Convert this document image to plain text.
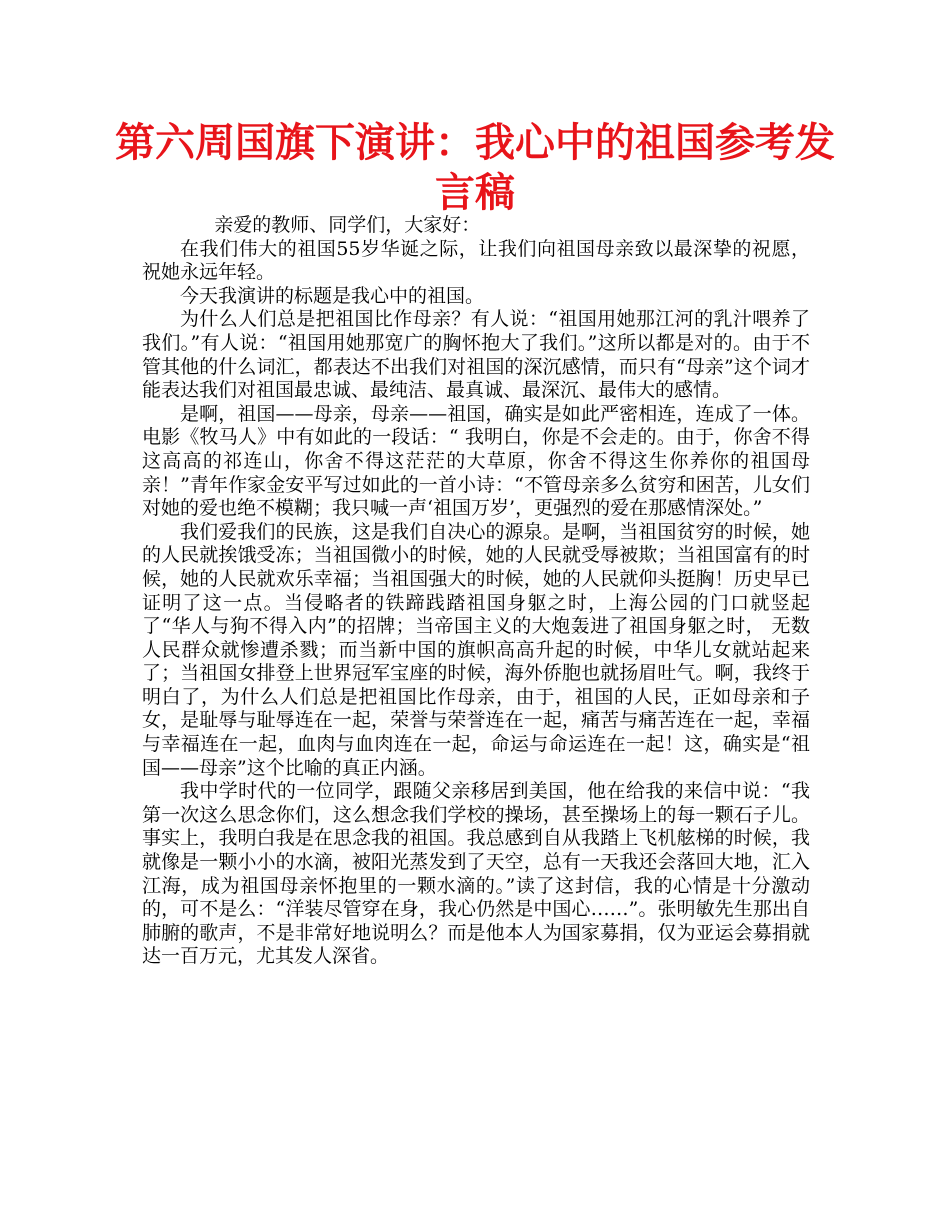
第六周国旗下演讲：我心中的祖国参考发言稿

亲爱的教师、同学们，大家好：

在我们伟大的祖国55岁华诞之际，让我们向祖国母亲致以最深挚的祝愿，祝她永远年轻。

今天我演讲的标题是我心中的祖国。

为什么人们总是把祖国比作母亲？有人说：“祖国用她那江河的乳汁喂养了我们。”有人说：“祖国用她那宽广的胸怀抱大了我们。”这所以都是对的。由于不管其他的什么词汇，都表达不出我们对祖国的深沉感情，而只有“母亲”这个词才能表达我们对祖国最忠诚、最纯洁、最真诚、最深沉、最伟大的感情。

是啊，祖国——母亲，母亲——祖国，确实是如此严密相连，连成了一体。电影《牧马人》中有如此的一段话：“ 我明白，你是不会走的。由于，你舍不得这高高的祁连山，你舍不得这茫茫的大草原，你舍不得这生你养你的祖国母亲！”青年作家金安平写过如此的一首小诗：“不管母亲多么贫穷和困苦，儿女们对她的爱也绝不模糊；我只喊一声‘祖国万岁’，更强烈的爱在那感情深处。”

我们爱我们的民族，这是我们自决心的源泉。是啊，当祖国贫穷的时候，她的人民就挨饿受冻；当祖国微小的时候，她的人民就受辱被欺；当祖国富有的时候，她的人民就欢乐幸福；当祖国强大的时候，她的人民就仰头挺胸！历史早已证明了这一点。当侵略者的铁蹄践踏祖国身躯之时，上海公园的门口就竖起了“华人与狗不得入内”的招牌；当帝国主义的大炮轰进了祖国身躯之时， 无数人民群众就惨遭杀戮；而当新中国的旗帜高高升起的时候，中华儿女就站起来了；当祖国女排登上世界冠军宝座的时候，海外侨胞也就扬眉吐气。啊，我终于明白了，为什么人们总是把祖国比作母亲，由于，祖国的人民，正如母亲和子女，是耻辱与耻辱连在一起，荣誉与荣誉连在一起，痛苦与痛苦连在一起，幸福与幸福连在一起，血肉与血肉连在一起，命运与命运连在一起！这，确实是“祖国——母亲”这个比喻的真正内涵。

我中学时代的一位同学，跟随父亲移居到美国，他在给我的来信中说：“我第一次这么思念你们，这么想念我们学校的操场，甚至操场上的每一颗石子儿。事实上，我明白我是在思念我的祖国。我总感到自从我踏上飞机舷梯的时候，我就像是一颗小小的水滴，被阳光蒸发到了天空，总有一天我还会落回大地，汇入江海，成为祖国母亲怀抱里的一颗水滴的。”读了这封信，我的心情是十分激动的，可不是么：“洋装尽管穿在身，我心仍然是中国心……”。张明敏先生那出自肺腑的歌声，不是非常好地说明么？而是他本人为国家募捐，仅为亚运会募捐就达一百万元，尤其发人深省。
